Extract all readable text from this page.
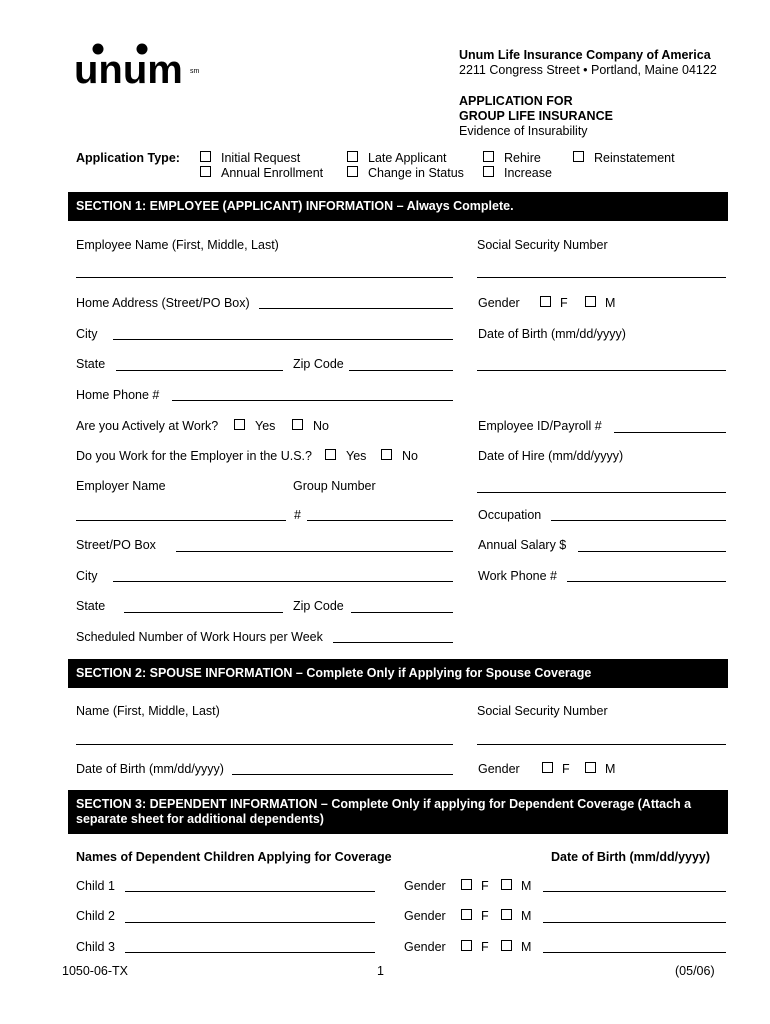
unum sm
Unum Life Insurance Company of America
2211 Congress Street • Portland, Maine 04122
APPLICATION FOR
GROUP LIFE INSURANCE
Evidence of Insurability
Application Type:	Initial Request
Annual Enrollment
Late Applicant
Change in Status
Rehire
Increase
Reinstatement
SECTION 1: EMPLOYEE (APPLICANT) INFORMATION – Always Complete.
Employee Name (First, Middle, Last)	Social Security Number
Home Address (Street/PO Box)	Gender	F	M
City	Date of Birth (mm/dd/yyyy)
State	Zip Code
Home Phone #
Are you Actively at Work?	Yes	No	Employee ID/Payroll #
Do you Work for the Employer in the U.S.?	Yes	No	Date of Hire (mm/dd/yyyy)
Employer Name	Group Number
#	Occupation
Street/PO Box	Annual Salary $
City	Work Phone #
State	Zip Code
Scheduled Number of Work Hours per Week
SECTION 2: SPOUSE INFORMATION – Complete Only if Applying for Spouse Coverage
Name (First, Middle, Last)	Social Security Number
Date of Birth (mm/dd/yyyy)	Gender	F	M
SECTION 3: DEPENDENT INFORMATION – Complete Only if applying for Dependent Coverage (Attach a
separate sheet for additional dependents)
Names of Dependent Children Applying for Coverage	Date of Birth (mm/dd/yyyy)
Child 1	Gender	F	M
Child 2	Gender	F	M
Child 3	Gender	F	M
1050-06-TX	1	(05/06)
